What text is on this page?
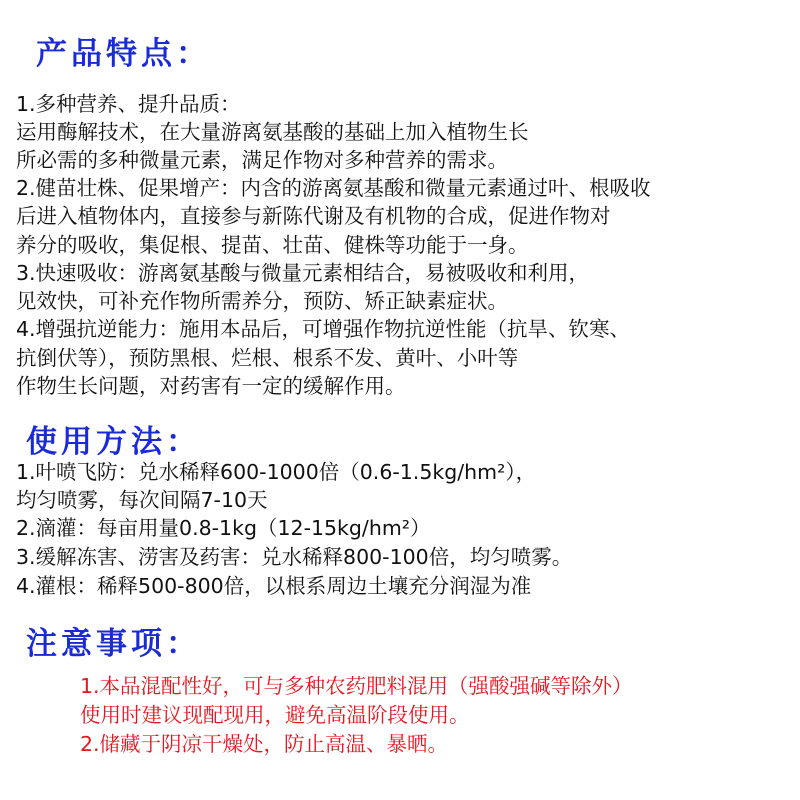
产品特点：
1.多种营养、提升品质：
运用酶解技术，在大量游离氨基酸的基础上加入植物生长
所必需的多种微量元素，满足作物对多种营养的需求。
2.健苗壮株、促果增产：内含的游离氨基酸和微量元素通过叶、根吸收
后进入植物体内，直接参与新陈代谢及有机物的合成，促进作物对
养分的吸收，集促根、提苗、壮苗、健株等功能于一身。
3.快速吸收：游离氨基酸与微量元素相结合，易被吸收和利用，
见效快，可补充作物所需养分，预防、矫正缺素症状。
4.增强抗逆能力：施用本品后，可增强作物抗逆性能（抗旱、钦寒、
抗倒伏等），预防黑根、烂根、根系不发、黄叶、小叶等
作物生长问题，对药害有一定的缓解作用。
使用方法：
1.叶喷飞防：兑水稀释600-1000倍（0.6-1.5kg/hm²），
均匀喷雾，每次间隔7-10天
2.滴灌：每亩用量0.8-1kg（12-15kg/hm²）
3.缓解冻害、涝害及药害：兑水稀释800-100倍，均匀喷雾。
4.灌根：稀释500-800倍，以根系周边土壤充分润湿为准
注意事项：
1.本品混配性好，可与多种农药肥料混用（强酸强碱等除外）
使用时建议现配现用，避免高温阶段使用。
2.储藏于阴凉干燥处，防止高温、暴晒。
